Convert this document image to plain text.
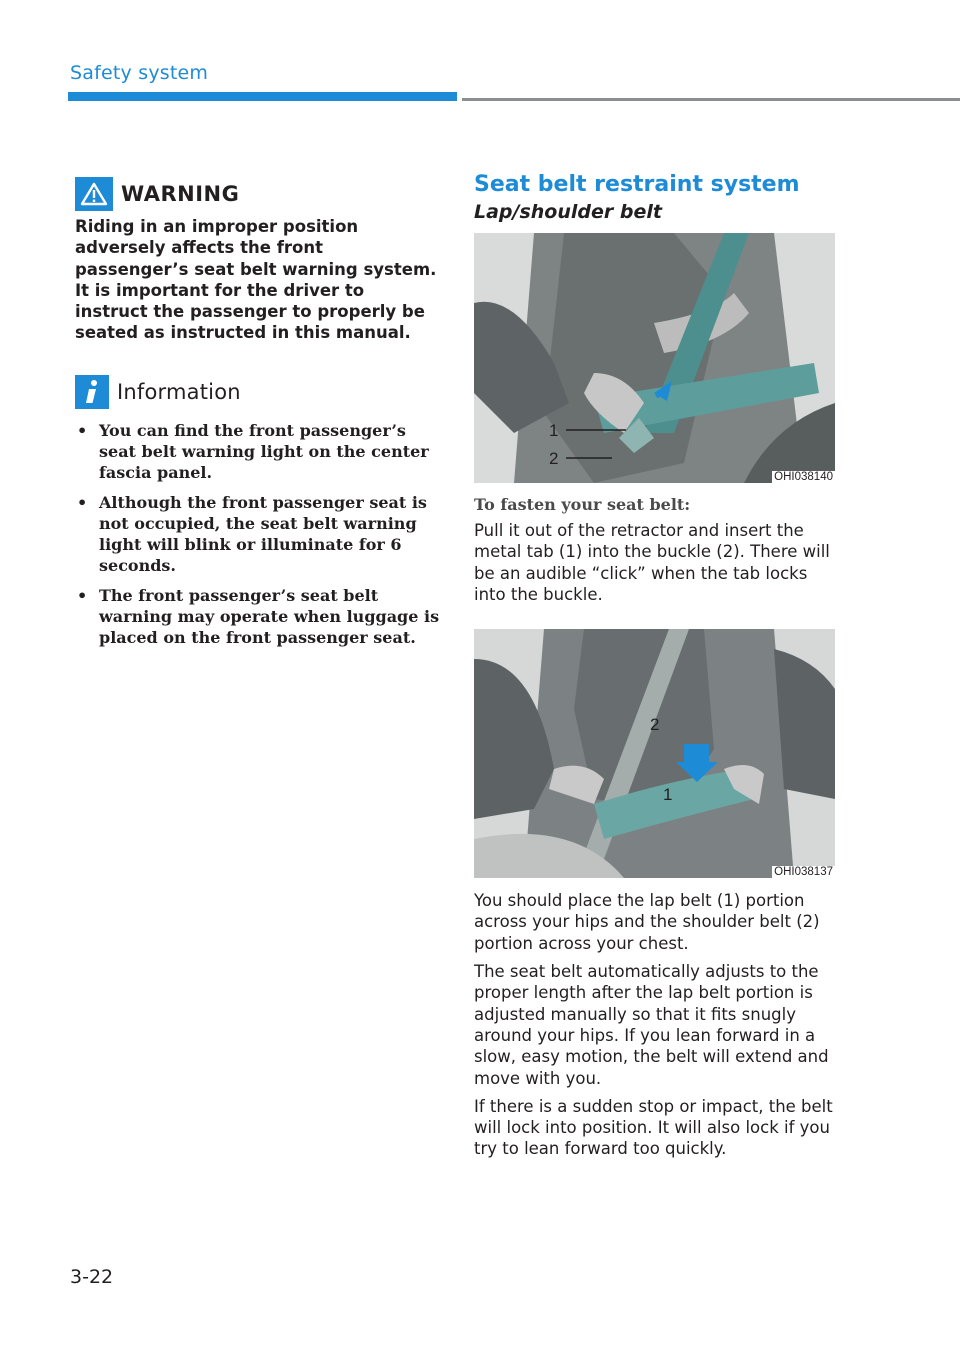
Safety system
WARNING
Riding in an improper position adversely affects the front passenger’s seat belt warning system. It is important for the driver to instruct the passenger to properly be seated as instructed in this manual.
Information
• You can find the front passenger’s seat belt warning light on the center fascia panel.
• Although the front passenger seat is not occupied, the seat belt warning light will blink or illuminate for 6 seconds.
• The front passenger’s seat belt warning may operate when luggage is placed on the front passenger seat.
Seat belt restraint system
Lap/shoulder belt
1
2
OHI038140
To fasten your seat belt:
Pull it out of the retractor and insert the metal tab (1) into the buckle (2). There will be an audible “click” when the tab locks into the buckle.
2
1
OHI038137
You should place the lap belt (1) portion across your hips and the shoulder belt (2) portion across your chest.
The seat belt automatically adjusts to the proper length after the lap belt portion is adjusted manually so that it fits snugly around your hips. If you lean forward in a slow, easy motion, the belt will extend and move with you.
If there is a sudden stop or impact, the belt will lock into position. It will also lock if you try to lean forward too quickly.
3-22
